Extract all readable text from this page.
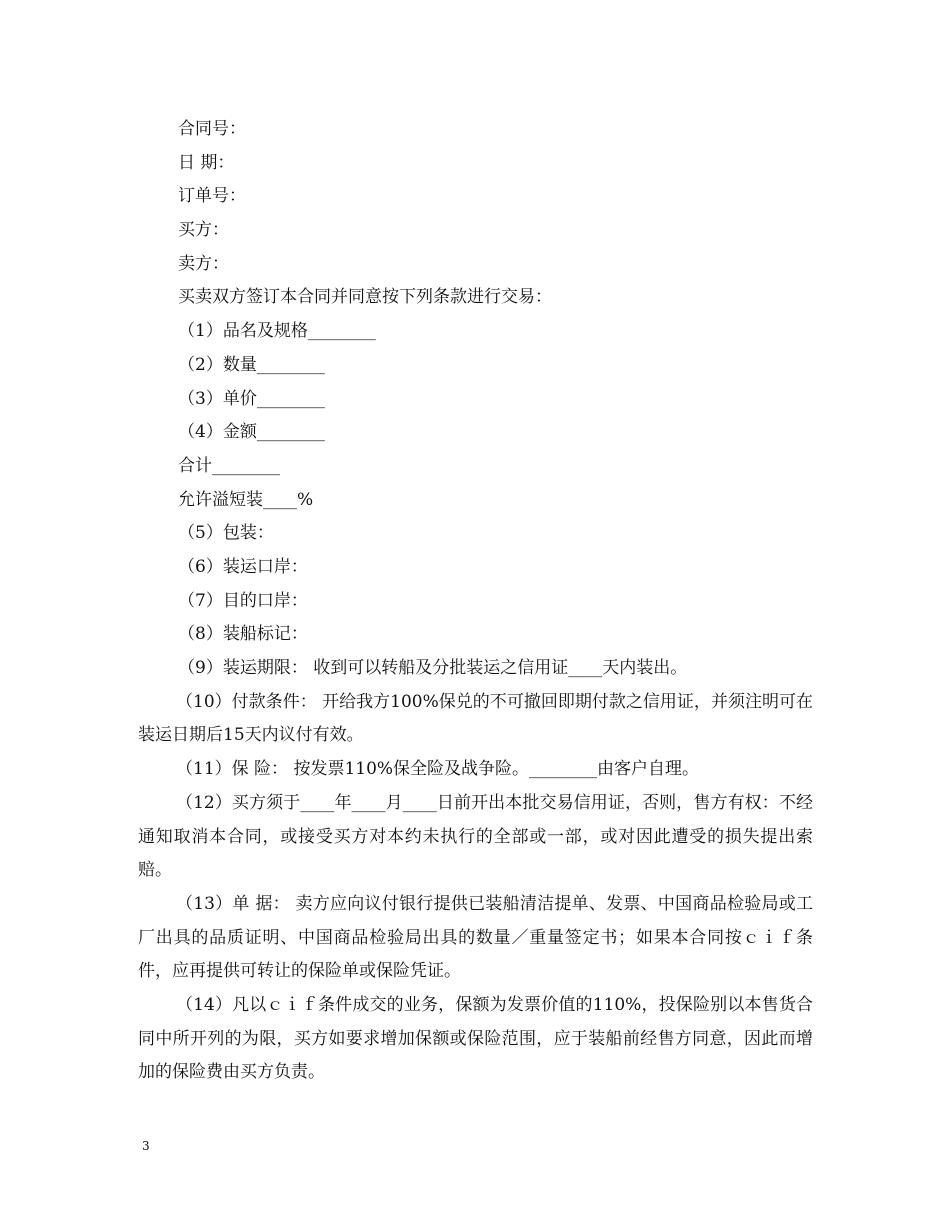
合同号：
日 期：
订单号：
买方：
卖方：
买卖双方签订本合同并同意按下列条款进行交易：
（1）品名及规格________
（2）数量________
（3）单价________
（4）金额________
合计________
允许溢短装____%
（5）包装：
（6）装运口岸：
（7）目的口岸：
（8）装船标记：
（9）装运期限： 收到可以转船及分批装运之信用证____天内装出。
（10）付款条件： 开给我方100%保兑的不可撤回即期付款之信用证，并须注明可在装运日期后15天内议付有效。
（11）保 险： 按发票110%保全险及战争险。________由客户自理。
（12）买方须于____年____月____日前开出本批交易信用证，否则，售方有权：不经通知取消本合同，或接受买方对本约未执行的全部或一部，或对因此遭受的损失提出索赔。
（13）单 据： 卖方应向议付银行提供已装船清洁提单、发票、中国商品检验局或工厂出具的品质证明、中国商品检验局出具的数量／重量签定书；如果本合同按ｃｉｆ条件，应再提供可转让的保险单或保险凭证。
（14）凡以ｃｉｆ条件成交的业务，保额为发票价值的110%，投保险别以本售货合同中所开列的为限，买方如要求增加保额或保险范围，应于装船前经售方同意，因此而增加的保险费由买方负责。
3
